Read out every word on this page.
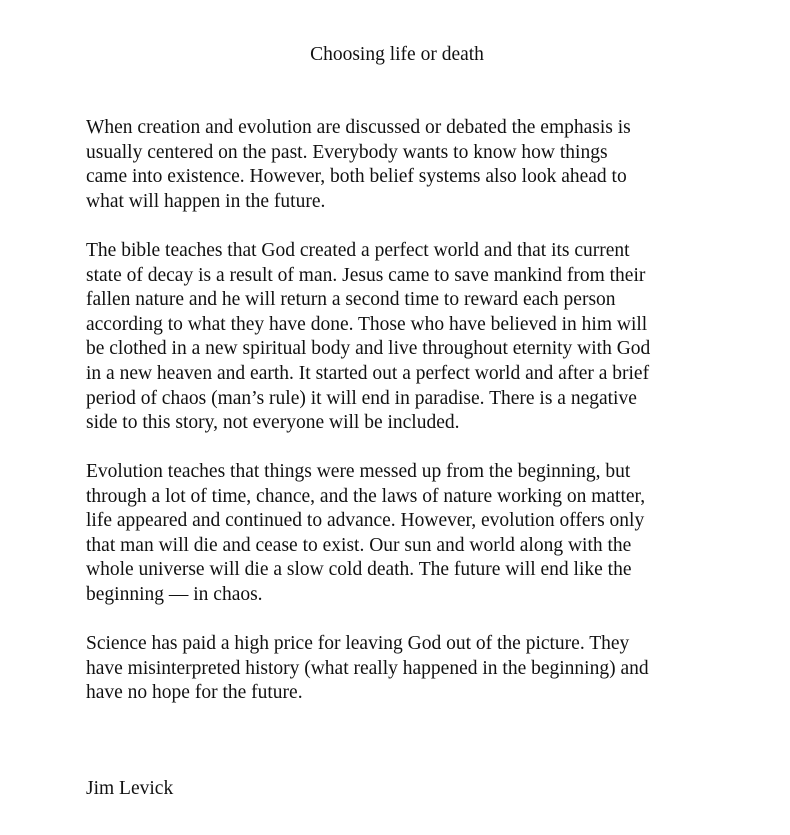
Choosing life or death
When creation and evolution are discussed or debated the emphasis is
usually centered on the past. Everybody wants to know how things
came into existence. However, both belief systems also look ahead to
what will happen in the future.
The bible teaches that God created a perfect world and that its current
state of decay is a result of man. Jesus came to save mankind from their
fallen nature and he will return a second time to reward each person
according to what they have done. Those who have believed in him will
be clothed in a new spiritual body and live throughout eternity with God
in a new heaven and earth. It started out a perfect world and after a brief
period of chaos (man’s rule) it will end in paradise. There is a negative
side to this story, not everyone will be included.
Evolution teaches that things were messed up from the beginning, but
through a lot of time, chance, and the laws of nature working on matter,
life appeared and continued to advance. However, evolution offers only
that man will die and cease to exist. Our sun and world along with the
whole universe will die a slow cold death. The future will end like the
beginning — in chaos.
Science has paid a high price for leaving God out of the picture. They
have misinterpreted history (what really happened in the beginning) and
have no hope for the future.
Jim Levick
